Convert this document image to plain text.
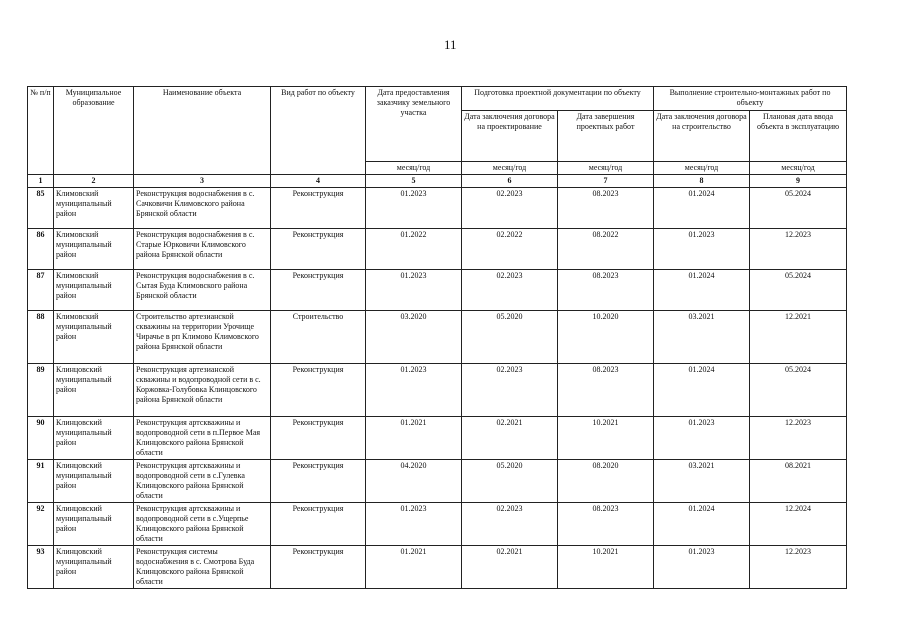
11
№ п/п	Муниципальное образование	Наименование объекта	Вид работ по объекту	Дата предоставления заказчику земельного участка	Подготовка проектной документации по объекту		Выполнение строительно-монтажных работ по объекту	
					Дата заключения договора на проектирование	Дата завершения проектных работ	Дата заключения договора на строительство	Плановая дата ввода объекта в эксплуатацию
				месяц/год	месяц/год	месяц/год	месяц/год	месяц/год
1	2	3	4	5	6	7	8	9
85	Климовский муниципальный район	Реконструкция водоснабжения в с. Сачковичи Климовского района Брянской области	Реконструкция	01.2023	02.2023	08.2023	01.2024	05.2024
86	Климовский муниципальный район	Реконструкция водоснабжения в с. Старые Юрковичи Климовского района Брянской области	Реконструкция	01.2022	02.2022	08.2022	01.2023	12.2023
87	Климовский муниципальный район	Реконструкция водоснабжения в с. Сытая Буда Климовского района Брянской области	Реконструкция	01.2023	02.2023	08.2023	01.2024	05.2024
88	Климовский муниципальный район	Строительство артезианской скважины на территории Урочище Чирачье в рп Климово Климовского района Брянской области	Строительство	03.2020	05.2020	10.2020	03.2021	12.2021
89	Клинцовский муниципальный район	Реконструкция артезианской скважины и водопроводной сети в с. Коржовка-Голубовка Клинцовского района Брянской области	Реконструкция	01.2023	02.2023	08.2023	01.2024	05.2024
90	Клинцовский муниципальный район	Реконструкция артскважины и водопроводной сети в п.Первое Мая Клинцовского района Брянской области	Реконструкция	01.2021	02.2021	10.2021	01.2023	12.2023
91	Клинцовский муниципальный район	Реконструкция артскважины и водопроводной сети в с.Гулевка Клинцовского района Брянской области	Реконструкция	04.2020	05.2020	08.2020	03.2021	08.2021
92	Клинцовский муниципальный район	Реконструкция артскважины и водопроводной сети в с.Ущерпье Клинцовского района Брянской области	Реконструкция	01.2023	02.2023	08.2023	01.2024	12.2024
93	Клинцовский муниципальный район	Реконструкция системы водоснабжения в с. Смотрова Буда Клинцовского района Брянской области	Реконструкция	01.2021	02.2021	10.2021	01.2023	12.2023
